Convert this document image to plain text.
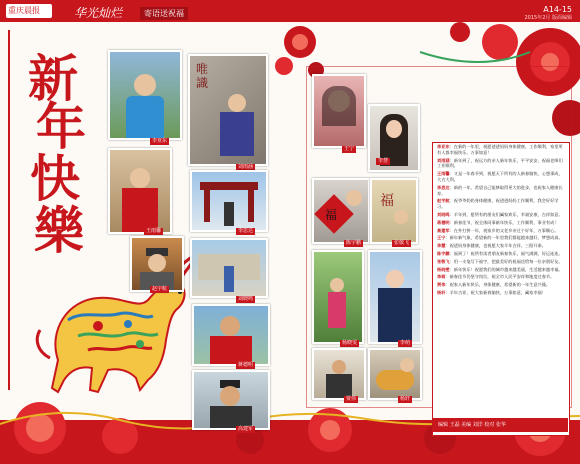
重庆晨报	华光灿烂	寄语送祝福	A14-15
2015年2月 版面编辑
新
年
快
樂
李亚东
王雨馨
赵宇航
唯
識
刘雨涵
李思达
刘晓鸣
蒋德明
高建军
王宁
李慧
福
陈宇鹏
福
张敬飞
杨晓雯	李萌
贾伟	杨轩
李亚东：在新的一年里，祝愿爸爸妈妈身体健康，工作顺利，家里所有人都幸福快乐，万事如意！
刘雨涵：新年到了，祝远方的亲人新年快乐，平平安安，祝福老师们工作顺利。
王雨馨：又是一年春节到，祝愿天下所有的人新春愉快，心想事成，大吉大利。
李思达：新的一年，希望自己能够取得更大的进步，也祝家人健康长寿。
赵宇航：祝爷爷奶奶身体健康，祝爸爸妈妈工作顺利，我会好好学习。
刘晓鸣：羊年到，愿所有的朋友们阖家欢乐，幸福安康，吉祥如意。
蒋德明：新春佳节，祝全体同事新年快乐，工作顺利，事业有成！
高建军：在外打拼一年，祝家乡的父老乡亲过个好年，万事顺心。
王宁：新年新气象，希望新的一年里我们都能越来越好，梦想成真。
李慧：祝爸妈身体健康，也祝愿大家羊年吉祥，三阳开泰。
陈宇鹏：福到了！祝所有读者朋友新春快乐，福气满满，好运连连。
张敬飞：用一支笔写下福字，把最美好的祝福送给每一位亲朋好友。
杨晓雯：新年快乐！祝愿我们的城市越来越美丽，生活越来越幸福。
李萌：新春佳节仍坚守岗位，祝全市人民平安祥和地度过春节。
贾伟：祝家人新年快乐，身体健康，希望新的一年生意兴隆。
杨轩：羊年吉祥，祝大家新春愉快，万事如意，阖家幸福！
编辑 王磊 美编 刘洋 校对 张华
